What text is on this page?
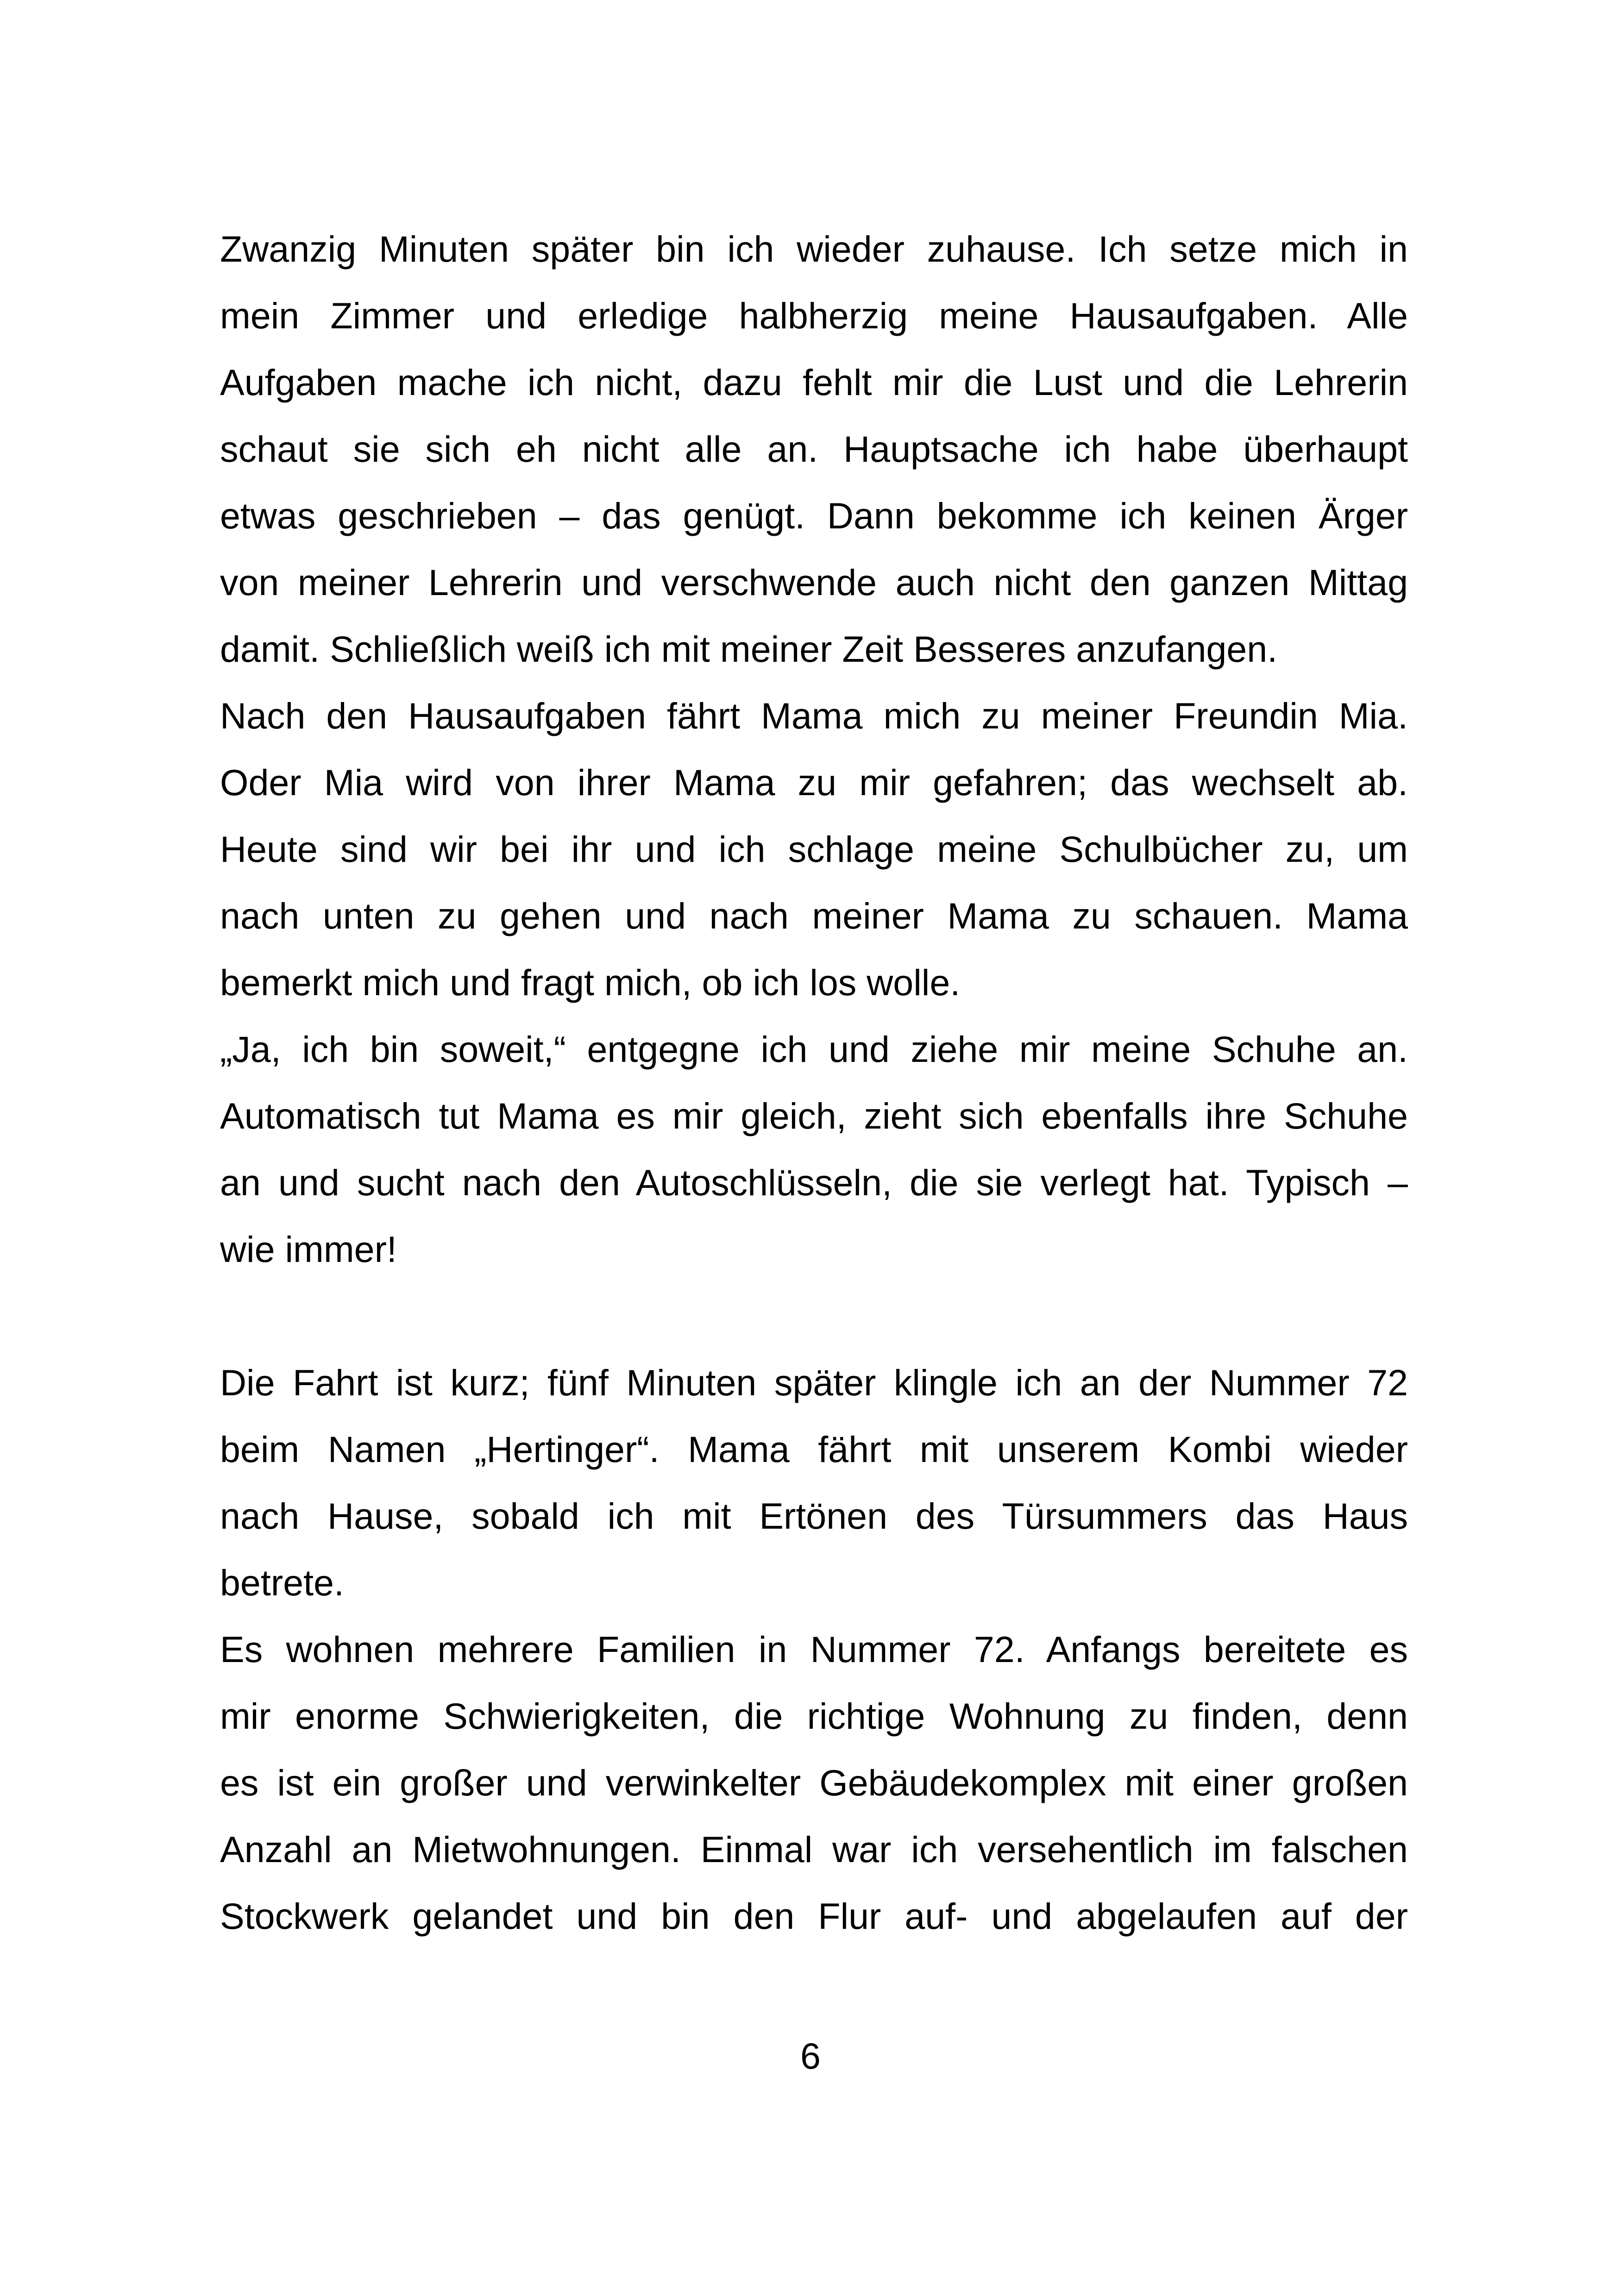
Zwanzig Minuten später bin ich wieder zuhause. Ich setze mich in
mein Zimmer und erledige halbherzig meine Hausaufgaben. Alle
Aufgaben mache ich nicht, dazu fehlt mir die Lust und die Lehrerin
schaut sie sich eh nicht alle an. Hauptsache ich habe überhaupt
etwas geschrieben – das genügt. Dann bekomme ich keinen Ärger
von meiner Lehrerin und verschwende auch nicht den ganzen Mittag
damit. Schließlich weiß ich mit meiner Zeit Besseres anzufangen.
Nach den Hausaufgaben fährt Mama mich zu meiner Freundin Mia.
Oder Mia wird von ihrer Mama zu mir gefahren; das wechselt ab.
Heute sind wir bei ihr und ich schlage meine Schulbücher zu, um
nach unten zu gehen und nach meiner Mama zu schauen. Mama
bemerkt mich und fragt mich, ob ich los wolle.
„Ja, ich bin soweit,“ entgegne ich und ziehe mir meine Schuhe an.
Automatisch tut Mama es mir gleich, zieht sich ebenfalls ihre Schuhe
an und sucht nach den Autoschlüsseln, die sie verlegt hat. Typisch –
wie immer!
Die Fahrt ist kurz; fünf Minuten später klingle ich an der Nummer 72
beim Namen „Hertinger“. Mama fährt mit unserem Kombi wieder
nach Hause, sobald ich mit Ertönen des Türsummers das Haus
betrete.
Es wohnen mehrere Familien in Nummer 72. Anfangs bereitete es
mir enorme Schwierigkeiten, die richtige Wohnung zu finden, denn
es ist ein großer und verwinkelter Gebäudekomplex mit einer großen
Anzahl an Mietwohnungen. Einmal war ich versehentlich im falschen
Stockwerk gelandet und bin den Flur auf- und abgelaufen auf der
6
